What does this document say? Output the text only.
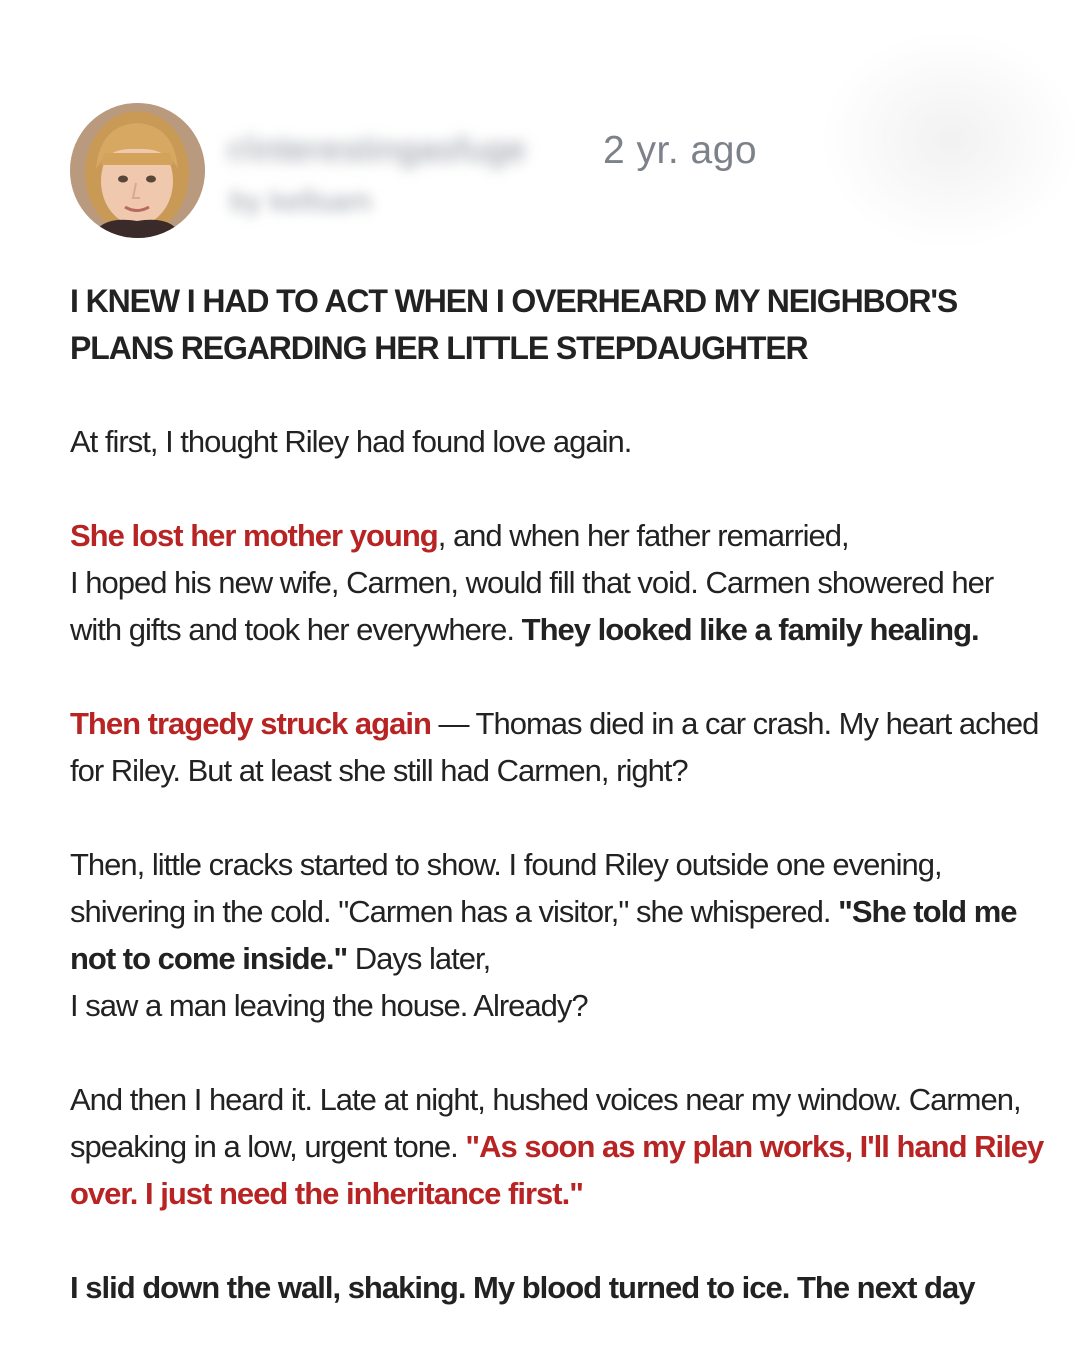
r/interestingasfuge
by kellsam
2 yr. ago
I KNEW I HAD TO ACT WHEN I OVERHEARD MY NEIGHBOR'S PLANS REGARDING HER LITTLE STEPDAUGHTER

At first, I thought Riley had found love again.

She lost her mother young, and when her father remarried,
I hoped his new wife, Carmen, would fill that void. Carmen showered her with gifts and took her everywhere. They looked like a family healing.

Then tragedy struck again — Thomas died in a car crash. My heart ached for Riley. But at least she still had Carmen, right?

Then, little cracks started to show. I found Riley outside one evening, shivering in the cold. "Carmen has a visitor," she whispered. "She told me not to come inside." Days later,
I saw a man leaving the house. Already?

And then I heard it. Late at night, hushed voices near my window. Carmen, speaking in a low, urgent tone. "As soon as my plan works, I'll hand Riley over. I just need the inheritance first."

I slid down the wall, shaking. My blood turned to ice. The next day
